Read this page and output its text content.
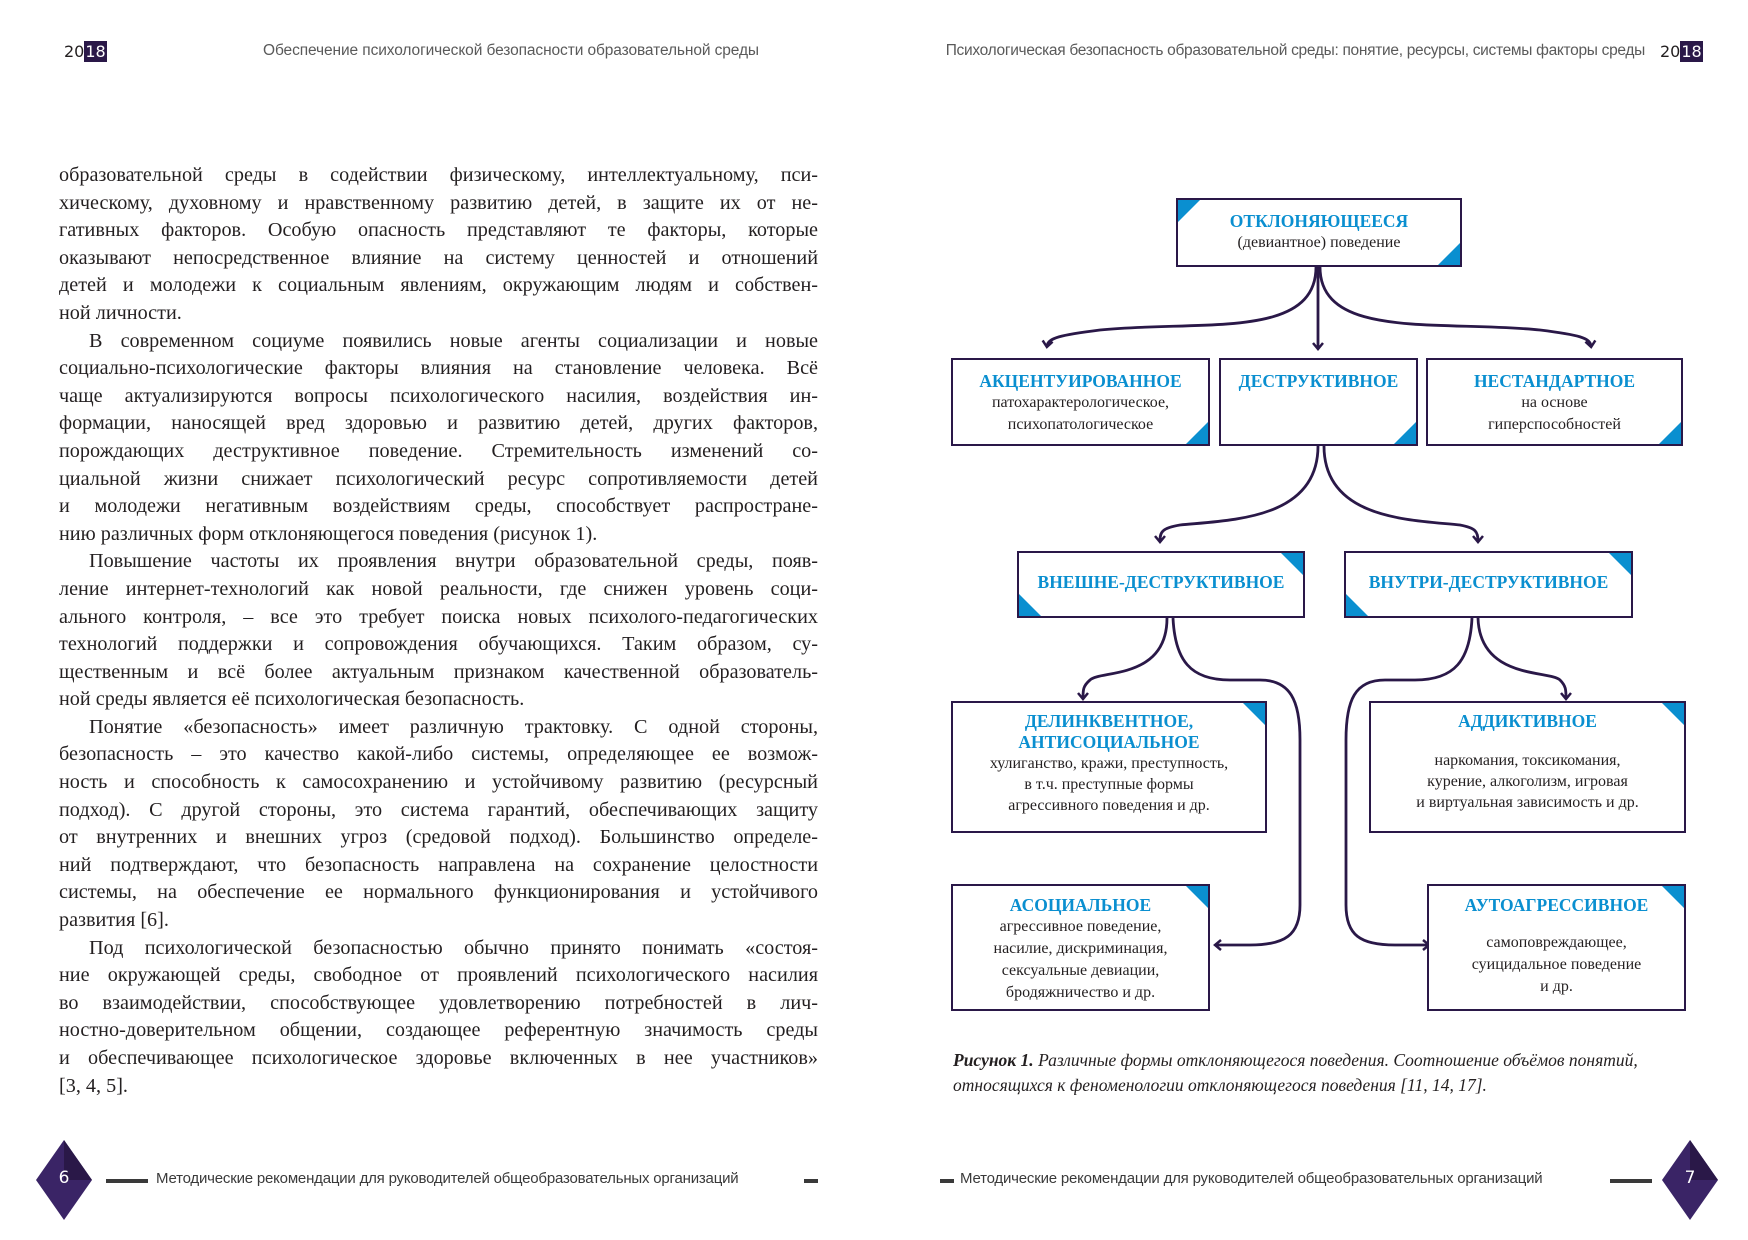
2018	Обеспечение психологической безопасности образовательной среды	Психологическая безопасность образовательной среды: понятие, ресурсы, системы факторы среды 2018
образовательной среды в содействии физическому, интеллектуальному, пси-
хическому, духовному и нравственному развитию детей, в защите их от не-
гативных факторов. Особую опасность представляют те факторы, которые
оказывают непосредственное влияние на систему ценностей и отношений
детей и молодежи к социальным явлениям, окружающим людям и собствен-
ной личности.
В современном социуме появились новые агенты социализации и новые
социально-психологические факторы влияния на становление человека. Всё
чаще актуализируются вопросы психологического насилия, воздействия ин-
формации, наносящей вред здоровью и развитию детей, других факторов,
порождающих деструктивное поведение. Стремительность изменений со-
циальной жизни снижает психологический ресурс сопротивляемости детей
и молодежи негативным воздействиям среды, способствует распростране-
нию различных форм отклоняющегося поведения (рисунок 1).
Повышение частоты их проявления внутри образовательной среды, появ-
ление интернет-технологий как новой реальности, где снижен уровень соци-
ального контроля, – все это требует поиска новых психолого-педагогических
технологий поддержки и сопровождения обучающихся. Таким образом, су-
щественным и всё более актуальным признаком качественной образователь-
ной среды является её психологическая безопасность.
Понятие «безопасность» имеет различную трактовку. С одной стороны,
безопасность – это качество какой-либо системы, определяющее ее возмож-
ность и способность к самосохранению и устойчивому развитию (ресурсный
подход). С другой стороны, это система гарантий, обеспечивающих защиту
от внутренних и внешних угроз (средовой подход). Большинство определе-
ний подтверждают, что безопасность направлена на сохранение целостности
системы, на обеспечение ее нормального функционирования и устойчивого
развития [6].
Под психологической безопасностью обычно принято понимать «состоя-
ние окружающей среды, свободное от проявлений психологического насилия
во взаимодействии, способствующее удовлетворению потребностей в лич-
ностно-доверительном общении, создающее референтную значимость среды
и обеспечивающее психологическое здоровье включенных в нее участников»
[3, 4, 5].
ОТКЛОНЯЮЩЕЕСЯ
(девиантное) поведение
АКЦЕНТУИРОВАННОЕ
патохарактерологическое,
психопатологическое
ДЕСТРУКТИВНОЕ	НЕСТАНДАРТНОЕ
на основе
гиперспособностей
ВНЕШНЕ-ДЕСТРУКТИВНОЕ	ВНУТРИ-ДЕСТРУКТИВНОЕ
ДЕЛИНКВЕНТНОЕ,
АНТИСОЦИАЛЬНОЕ
хулиганство, кражи, преступность,
в т.ч. преступные формы
агрессивного поведения и др.
АДДИКТИВНОЕ
наркомания, токсикомания,
курение, алкоголизм, игровая
и виртуальная зависимость и др.
АСОЦИАЛЬНОЕ
агрессивное поведение,
насилие, дискриминация,
сексуальные девиации,
бродяжничество и др.
АУТОАГРЕССИВНОЕ
самоповреждающее,
суицидальное поведение
и др.
Рисунок 1. Различные формы отклоняющегося поведения. Соотношение объёмов понятий, относящихся к феноменологии отклоняющегося поведения [11, 14, 17].
6	Методические рекомендации для руководителей общеобразовательных организаций	Методические рекомендации для руководителей общеобразовательных организаций	7
